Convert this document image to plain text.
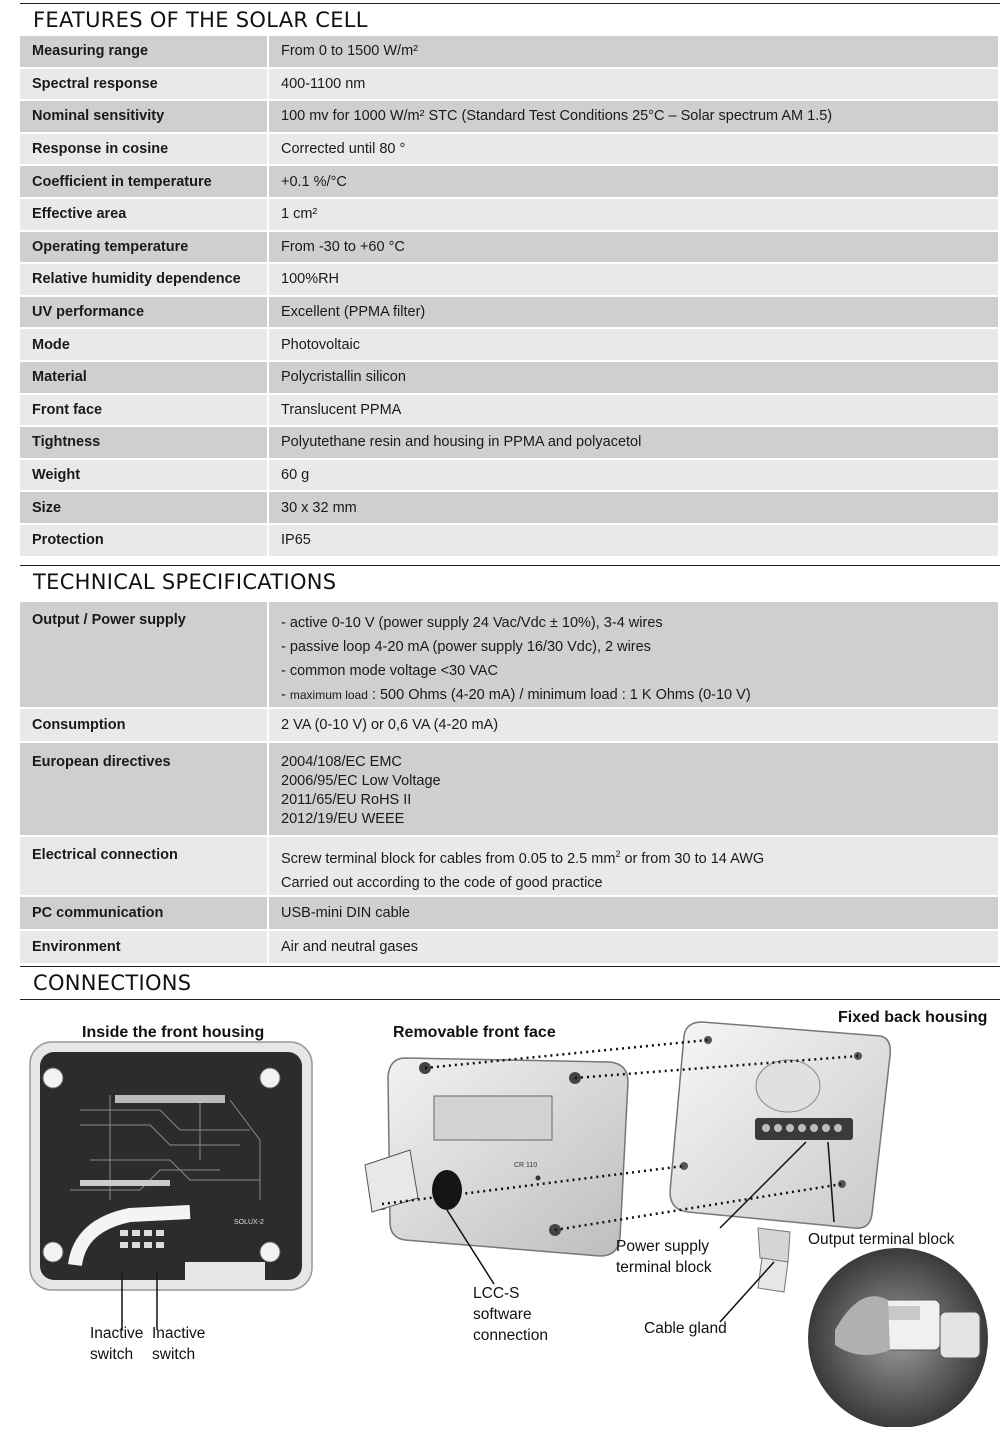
FEATURES OF THE SOLAR CELL
Measuring range	From 0 to 1500 W/m²
Spectral response	400-1100 nm
Nominal sensitivity	100 mv for 1000 W/m² STC (Standard Test Conditions 25°C – Solar spectrum AM 1.5)
Response in cosine	Corrected until 80 °
Coefficient in temperature	+0.1 %/°C
Effective area	1 cm²
Operating temperature	From -30 to +60 °C
Relative humidity dependence	100%RH
UV performance	Excellent (PPMA filter)
Mode	Photovoltaic
Material	Polycristallin silicon
Front face	Translucent PPMA
Tightness	Polyutethane resin and housing in PPMA and polyacetol
Weight	60 g
Size	30 x 32 mm
Protection	IP65
TECHNICAL SPECIFICATIONS
Output / Power supply	- active 0-10 V (power supply 24 Vac/Vdc ± 10%), 3-4 wires
- passive loop 4-20 mA (power supply 16/30 Vdc), 2 wires
- common mode voltage <30 VAC
- maximum load : 500 Ohms (4-20 mA) / minimum load : 1 K Ohms (0-10 V)

Consumption	2 VA (0-10 V) or 0,6 VA (4-20 mA)

European directives	2004/108/EC EMC
2006/95/EC Low Voltage
2011/65/EU RoHS II
2012/19/EU WEEE

Electrical connection	Screw terminal block for cables from 0.05 to 2.5 $mm^2$ or from 30 to 14 AWG
Carried out according to the code of good practice

PC communication	USB-mini DIN cable

Environment	Air and neutral gases
CONNECTIONS
SOLUX-2
CR 110
Inside the front housing	Removable front face
Fixed back housing
Inactive
switch
Inactive
switch
LCC-S
software
connection
Power supply
terminal block
Output terminal block
Cable gland
